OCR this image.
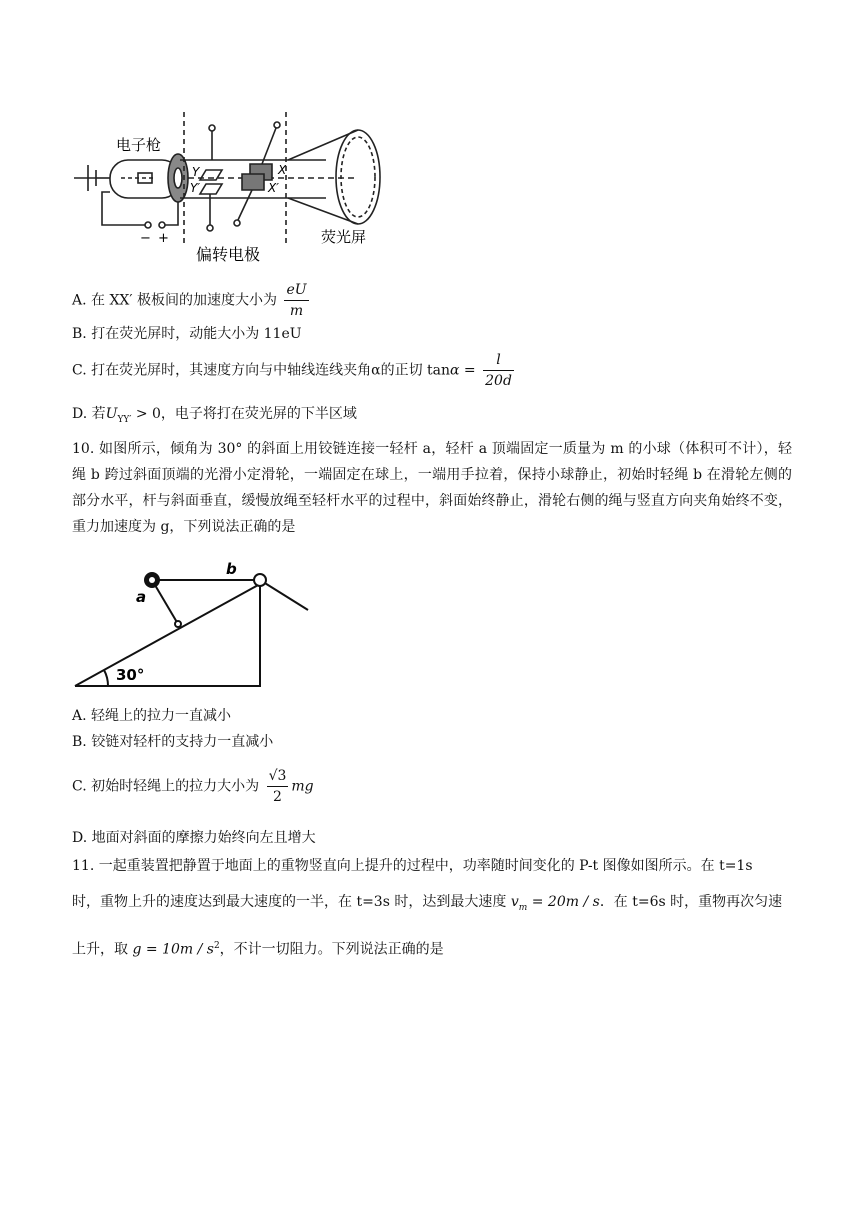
电子枪
Y
Y′
X
X′
− +
偏转电极
荧光屏
A. 在 XX′ 极板间的加速度大小为 $\frac{eU}{m}$
B. 打在荧光屏时，动能大小为 11eU
C. 打在荧光屏时，其速度方向与中轴线连线夹角α的正切 $\tan\alpha = \frac{l}{20d}$
D. 若$U_{YY'} > 0$，电子将打在荧光屏的下半区域
10. 如图所示，倾角为 30° 的斜面上用铰链连接一轻杆 a，轻杆 a 顶端固定一质量为 m 的小球（体积可不计），轻绳 b 跨过斜面顶端的光滑小定滑轮，一端固定在球上，一端用手拉着，保持小球静止，初始时轻绳 b 在滑轮左侧的部分水平，杆与斜面垂直，缓慢放绳至轻杆水平的过程中，斜面始终静止，滑轮右侧的绳与竖直方向夹角始终不变，重力加速度为 g，下列说法正确的是
a
b
30°
A. 轻绳上的拉力一直减小
B. 铰链对轻杆的支持力一直减小
C. 初始时轻绳上的拉力大小为 $\frac{√3}{2}$ mg
D. 地面对斜面的摩擦力始终向左且增大
11. 一起重装置把静置于地面上的重物竖直向上提升的过程中，功率随时间变化的 P-t 图像如图所示。在 t=1s
时，重物上升的速度达到最大速度的一半，在 t=3s 时，达到最大速度 $v_m = 20m / s$．在 t=6s 时，重物再次匀速
上升，取 $g = 10m / s^2$，不计一切阻力。下列说法正确的是
